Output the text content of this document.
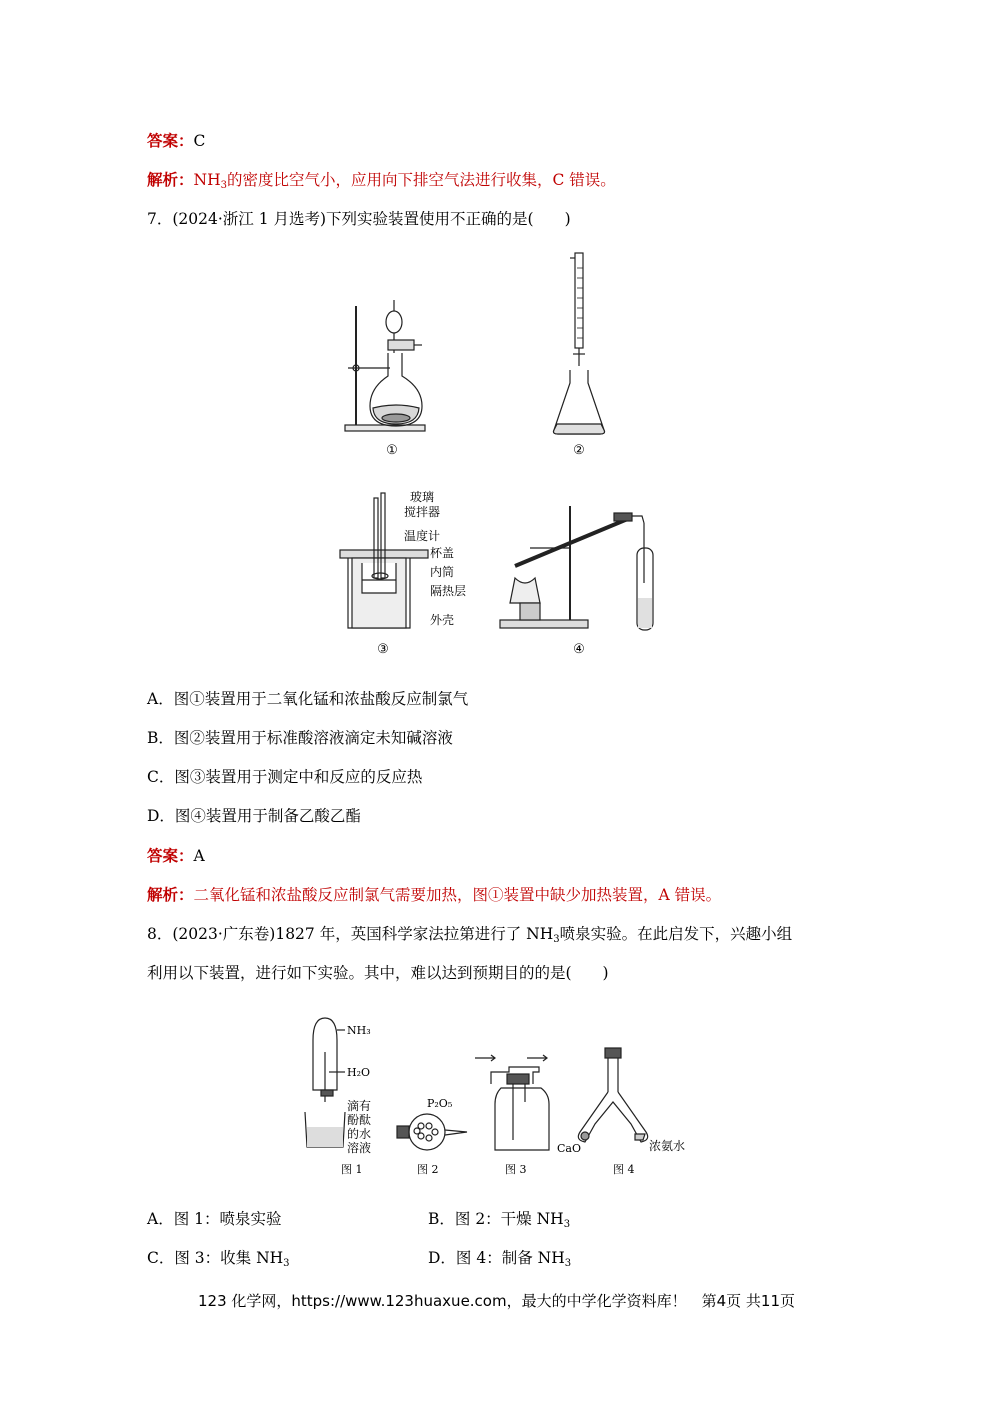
答案：C
解析：$NH_3$的密度比空气小，应用向下排空气法进行收集，C 错误。
7．(2024·浙江 1 月选考)下列实验装置使用不正确的是(　　)
①	②
③	④
玻璃
搅拌器
温度计
杯盖
内筒
隔热层
外壳
A．图①装置用于二氧化锰和浓盐酸反应制氯气
B．图②装置用于标准酸溶液滴定未知碱溶液
C．图③装置用于测定中和反应的反应热
D．图④装置用于制备乙酸乙酯
答案：A
解析：二氧化锰和浓盐酸反应制氯气需要加热，图①装置中缺少加热装置，A 错误。
8．(2023·广东卷)1827 年，英国科学家法拉第进行了 $NH_3$喷泉实验。在此启发下，兴趣小组
利用以下装置，进行如下实验。其中，难以达到预期目的的是(　　)
NH₃
H₂O
滴有
酚酞
的水
溶液
P₂O₅
CaO	浓氨水
图 1	图 2	图 3	图 4
A．图 1：喷泉实验	B．图 2：干燥 $NH_3$
C．图 3：收集 $NH_3$	D．图 4：制备 $NH_3$
123 化学网，https://www.123huaxue.com，最大的中学化学资料库！　第4页 共11页
